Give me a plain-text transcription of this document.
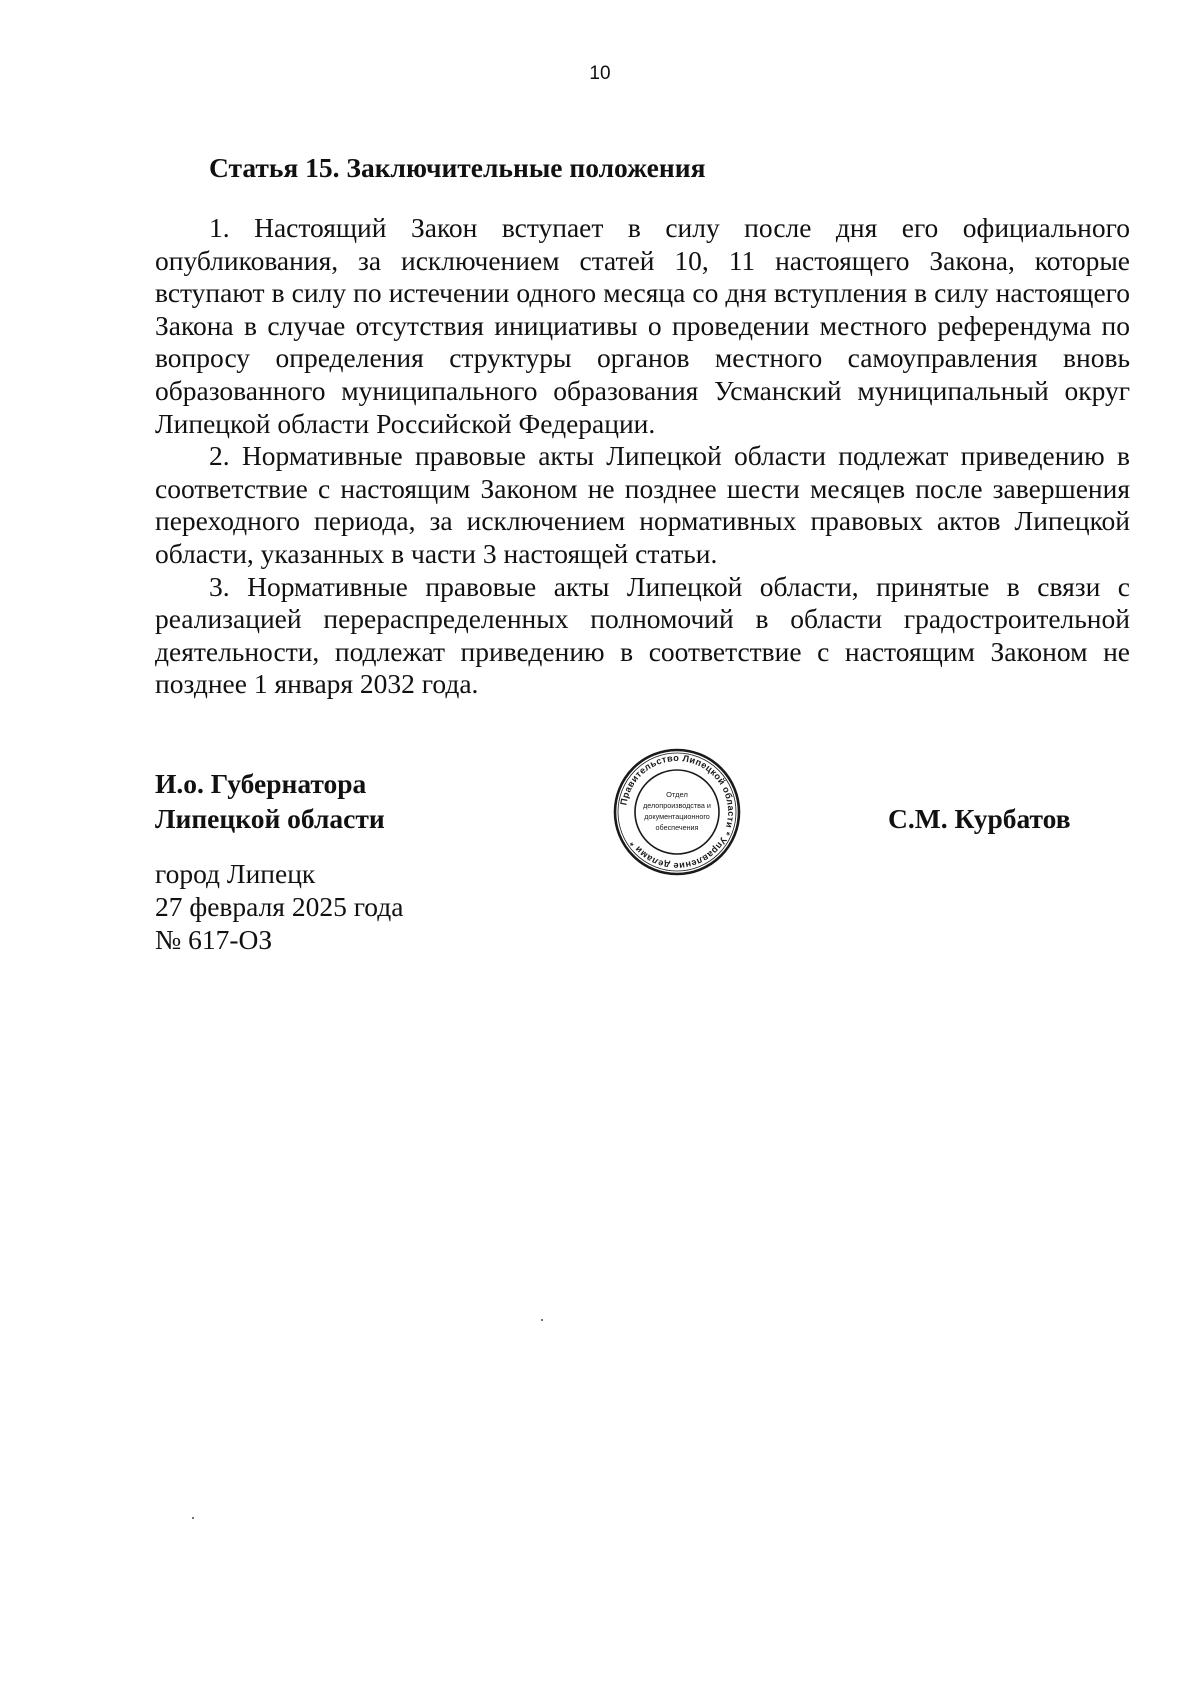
10
Статья 15. Заключительные положения

1. Настоящий Закон вступает в силу после дня его официального опубликования, за исключением статей 10, 11 настоящего Закона, которые вступают в силу по истечении одного месяца со дня вступления в силу настоящего Закона в случае отсутствия инициативы о проведении местного референдума по вопросу определения структуры органов местного самоуправления вновь образованного муниципального образования Усманский муниципальный округ Липецкой области Российской Федерации.

2. Нормативные правовые акты Липецкой области подлежат приведению в соответствие с настоящим Законом не позднее шести месяцев после завершения переходного периода, за исключением нормативных правовых актов Липецкой области, указанных в части 3 настоящей статьи.

3. Нормативные правовые акты Липецкой области, принятые в связи с реализацией перераспределенных полномочий в области градостроительной деятельности, подлежат приведению в соответствие с настоящим Законом не позднее 1 января 2032 года.

И.о. Губернатора
Липецкой области
Правительство Липецкой области * Управление делами *
Отдел
делопроизводства и
документационного
обеспечения	С.М. Курбатов
город Липецк
27 февраля 2025 года
№ 617-ОЗ
